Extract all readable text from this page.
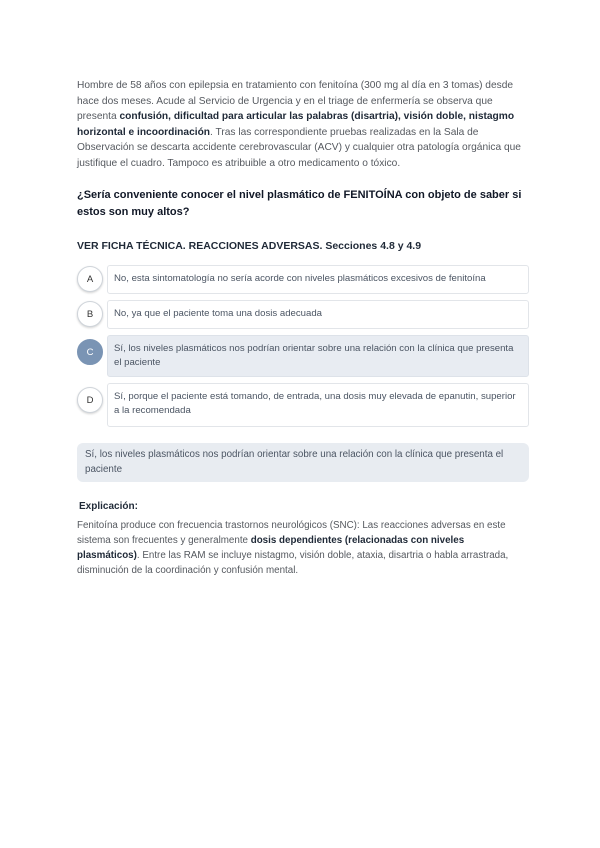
Hombre de 58 años con epilepsia en tratamiento con fenitoína (300 mg al día en 3 tomas) desde hace dos meses. Acude al Servicio de Urgencia y en el triage de enfermería se observa que presenta confusión, dificultad para articular las palabras (disartria), visión doble, nistagmo horizontal e incoordinación. Tras las correspondiente pruebas realizadas en la Sala de Observación se descarta accidente cerebrovascular (ACV) y cualquier otra patología orgánica que justifique el cuadro. Tampoco es atribuible a otro medicamento o tóxico.

¿Sería conveniente conocer el nivel plasmático de FENITOÍNA con objeto de saber si estos son muy altos?

VER FICHA TÉCNICA. REACCIONES ADVERSAS. Secciones 4.8 y 4.9

A	No, esta sintomatología no sería acorde con niveles plasmáticos excesivos de fenitoína
B	No, ya que el paciente toma una dosis adecuada
C	Sí, los niveles plasmáticos nos podrían orientar sobre una relación con la clínica que presenta el paciente
D	Sí, porque el paciente está tomando, de entrada, una dosis muy elevada de epanutin, superior a la recomendada
Sí, los niveles plasmáticos nos podrían orientar sobre una relación con la clínica que presenta el paciente
Explicación:

Fenitoína produce con frecuencia trastornos neurológicos (SNC): Las reacciones adversas en este sistema son frecuentes y generalmente dosis dependientes (relacionadas con niveles plasmáticos). Entre las RAM se incluye nistagmo, visión doble, ataxia, disartria o habla arrastrada, disminución de la coordinación y confusión mental.
